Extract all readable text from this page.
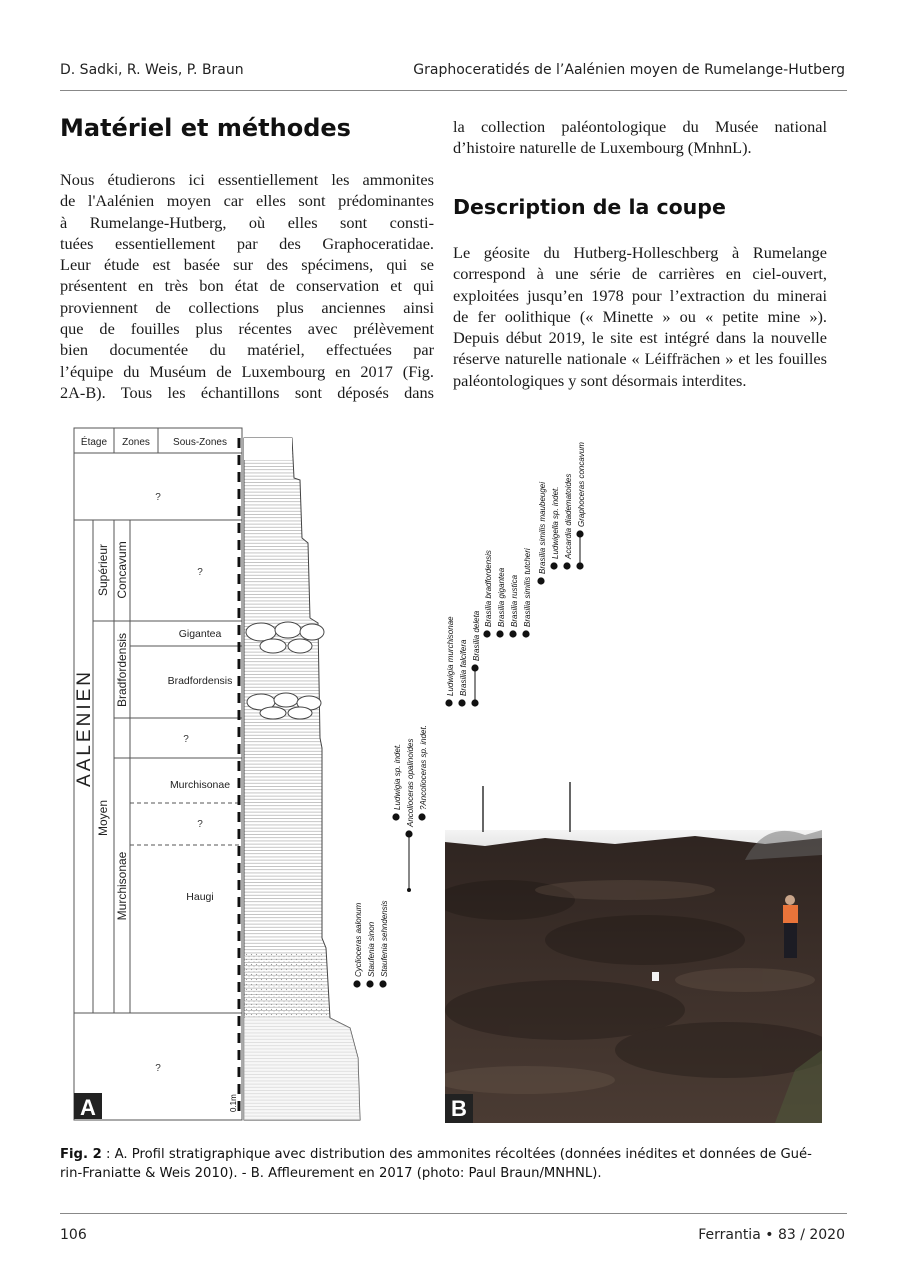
D. Sadki, R. Weis, P. Braun	Graphoceratidés de l’Aalénien moyen de Rumelange-Hutberg
Matériel et méthodes
Nous étudierons ici essentiellement les ammonites
de l'Aalénien moyen car elles sont prédominantes
à Rumelange-Hutberg, où elles sont consti-
tuées essentiellement par des Graphoceratidae.
Leur étude est basée sur des spécimens, qui se
présentent en très bon état de conservation et qui
proviennent de collections plus anciennes ainsi
que de fouilles plus récentes avec prélèvement
bien documentée du matériel, effectuées par
l’équipe du Muséum de Luxembourg en 2017 (Fig.
2A-B). Tous les échantillons sont déposés dans
la collection paléontologique du Musée national
d’histoire naturelle de Luxembourg (MnhnL).
Description de la coupe
Le géosite du Hutberg-Holleschberg à Rumelange
correspond à une série de carrières en ciel-ouvert,
exploitées jusqu’en 1978 pour l’extraction du minerai
de fer oolithique (« Minette » ou « petite mine »).
Depuis début 2019, le site est intégré dans la nouvelle
réserve naturelle nationale « Léiffrächen » et les fouilles
paléontologiques y sont désormais interdites.
Étage Zones Sous-Zones
?
?
?
?
?
Gigantea
Bradfordensis
Murchisonae
Haugi
AALENIEN
Supérieur
Moyen
Concavum
Bradfordensis
Murchisonae
0.1m
Cyclioceras aalonum Staufenia sinon Staufenia sehndensis
Ludwigia sp. indet. Ancolioceras opalinoides ?Ancolioceras sp. indet.
Ludwigia murchisonae Brasilia falcifera
Brasilia deleta
Brasilia bradfordensis Brasilia gigantea Brasilia rustica Brasilia similis tutcheri
Brasilia similis maubeugei Ludwigella sp. indet. Accardia diadematoides Graphoceras concavum
A	B
Fig. 2 : A. Profil stratigraphique avec distribution des ammonites récoltées (données inédites et données de Gué-
rin-Franiatte & Weis 2010). - B. Affleurement en 2017 (photo: Paul Braun/MNHNL).
106	Ferrantia • 83 / 2020
